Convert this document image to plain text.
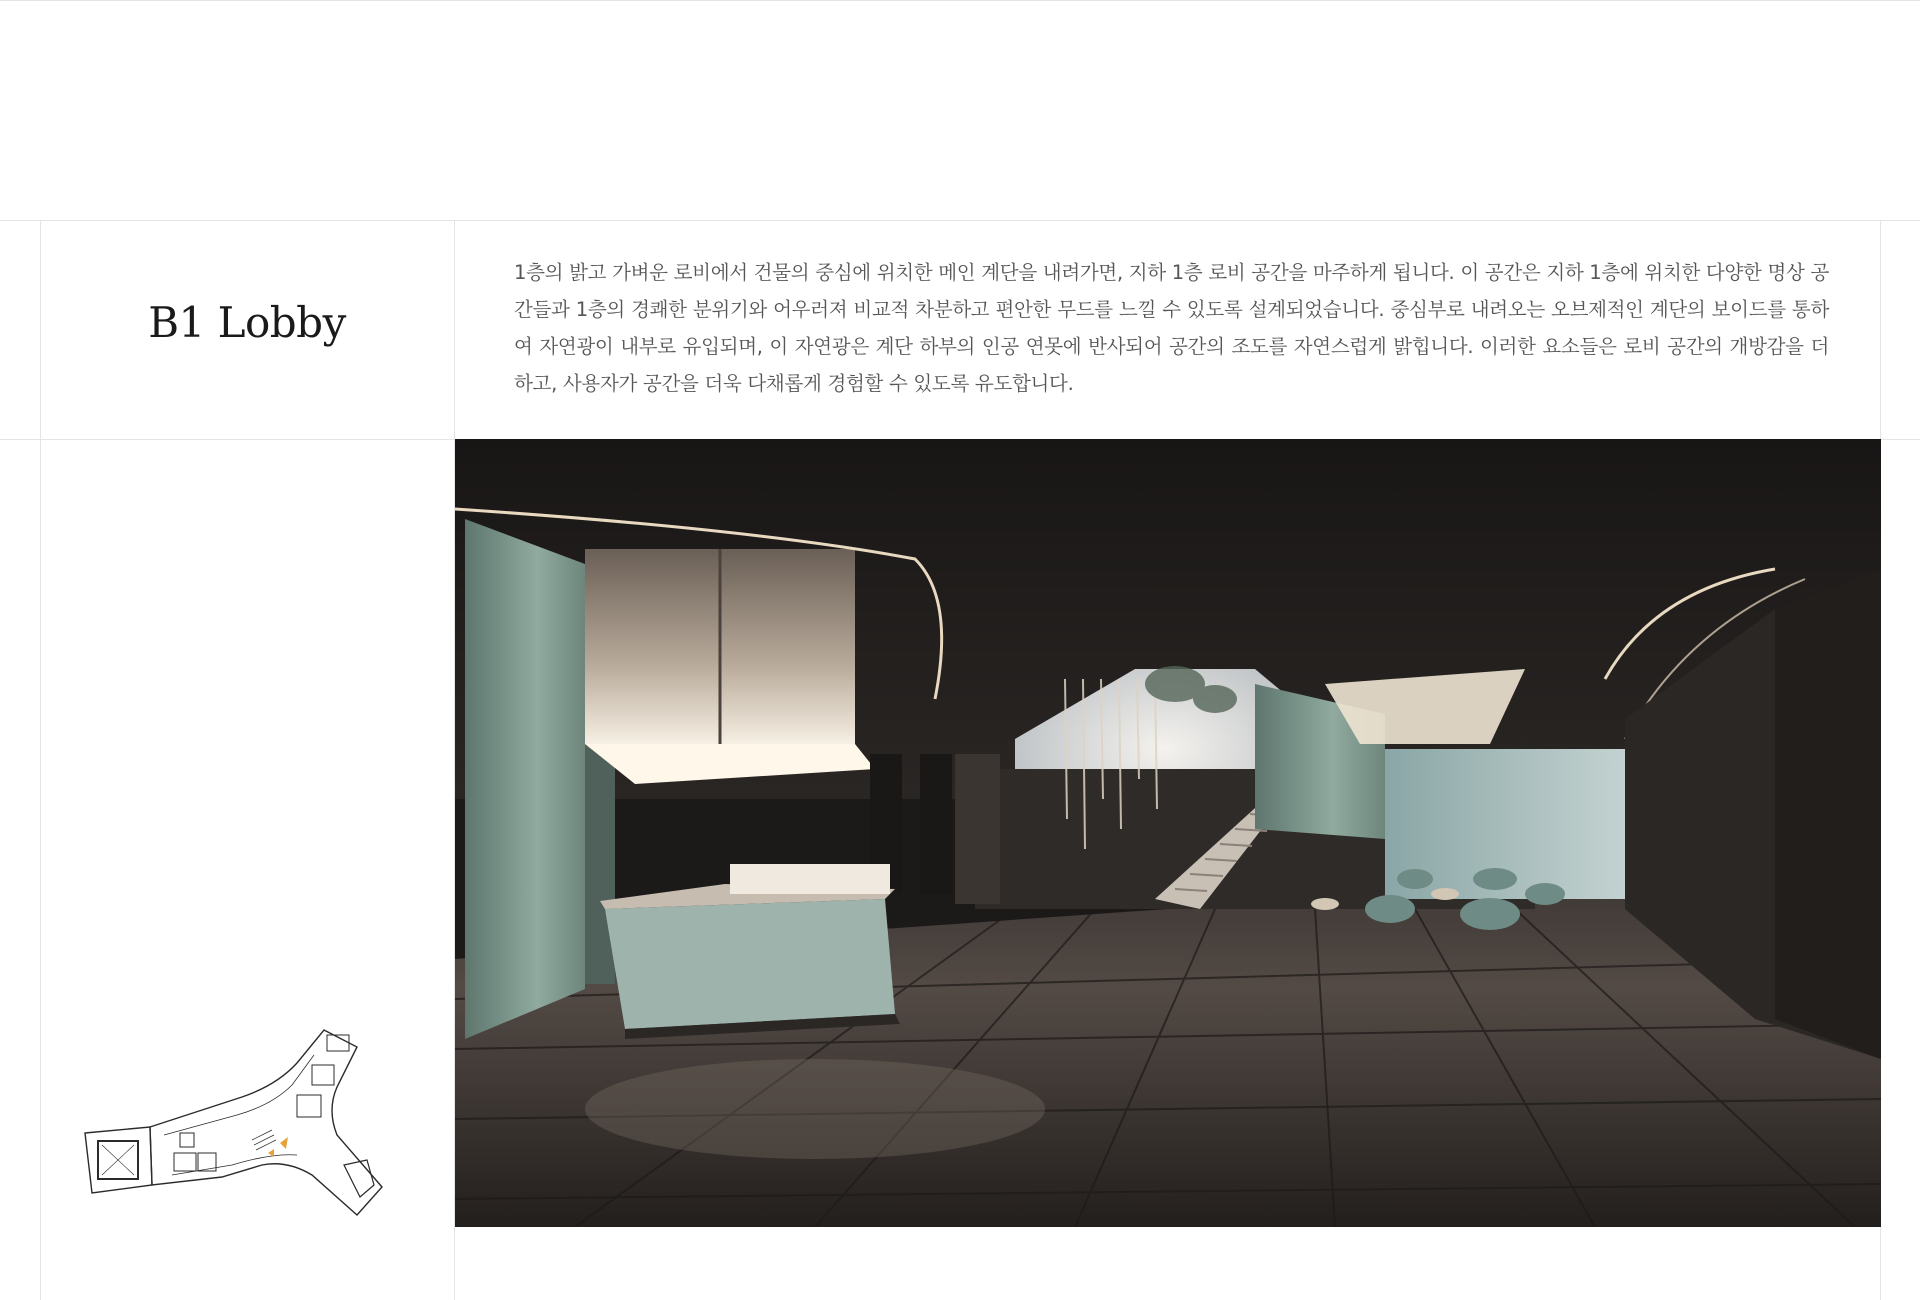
B1 Lobby

1층의 밝고 가벼운 로비에서 건물의 중심에 위치한 메인 계단을 내려가면, 지하 1층 로비 공간을 마주하게 됩니다. 이 공간은 지하 1층에 위치한 다양한 명상 공간들과 1층의 경쾌한 분위기와 어우러져 비교적 차분하고 편안한 무드를 느낄 수 있도록 설계되었습니다. 중심부로 내려오는 오브제적인 계단의 보이드를 통하여 자연광이 내부로 유입되며, 이 자연광은 계단 하부의 인공 연못에 반사되어 공간의 조도를 자연스럽게 밝힙니다. 이러한 요소들은 로비 공간의 개방감을 더하고, 사용자가 공간을 더욱 다채롭게 경험할 수 있도록 유도합니다.
